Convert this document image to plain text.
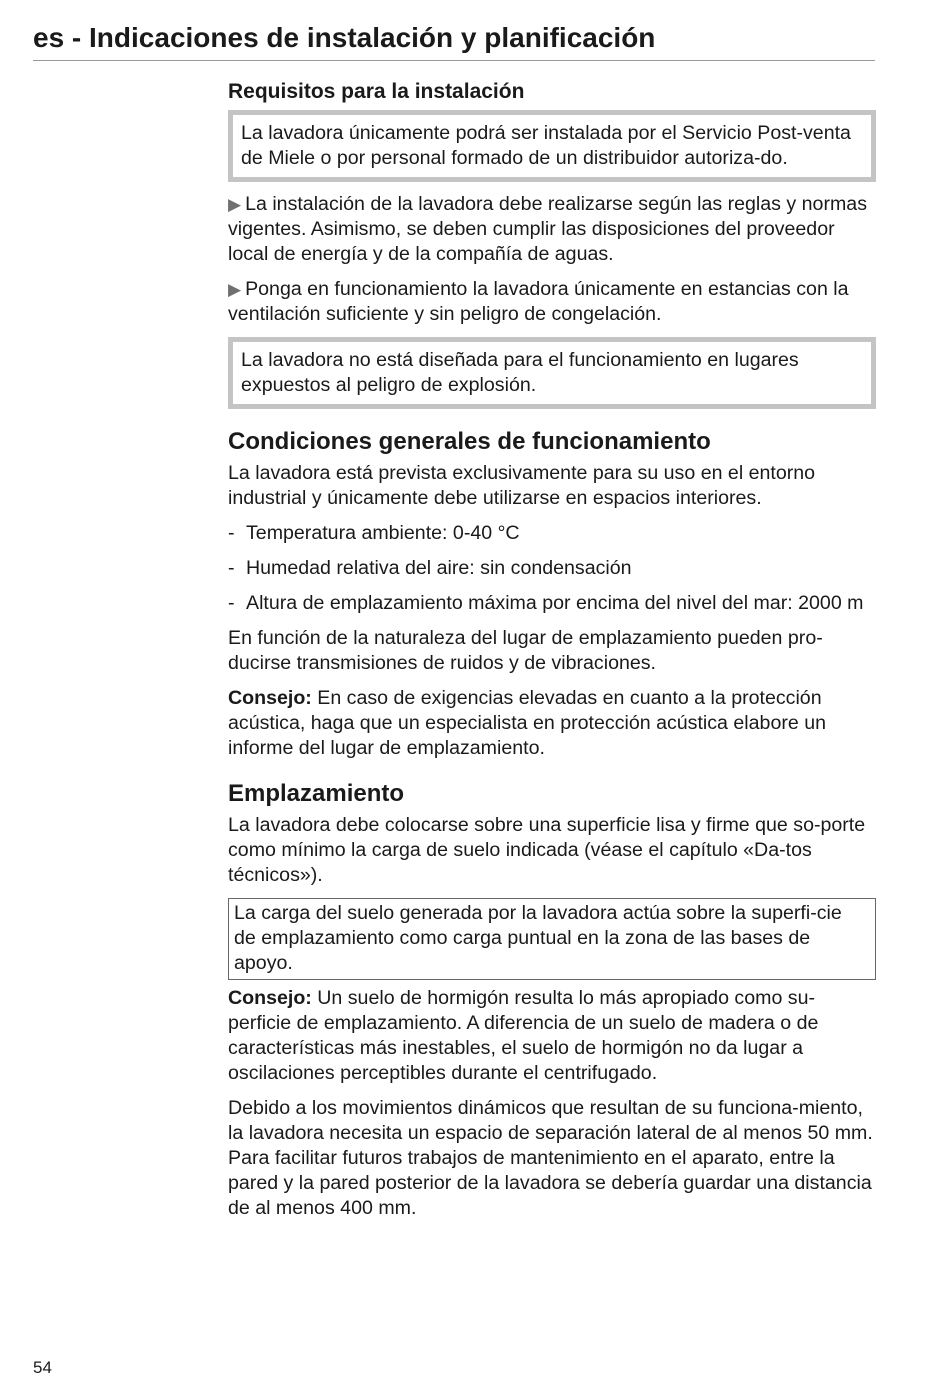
es - Indicaciones de instalación y planificación
Requisitos para la instalación
La lavadora únicamente podrá ser instalada por el Servicio Post-venta de Miele o por personal formado de un distribuidor autoriza-do.

▶ La instalación de la lavadora debe realizarse según las reglas y normas vigentes. Asimismo, se deben cumplir las disposiciones del proveedor local de energía y de la compañía de aguas.

▶ Ponga en funcionamiento la lavadora únicamente en estancias con la ventilación suficiente y sin peligro de congelación.

La lavadora no está diseñada para el funcionamiento en lugares expuestos al peligro de explosión.
Condiciones generales de funcionamiento

La lavadora está prevista exclusivamente para su uso en el entorno industrial y únicamente debe utilizarse en espacios interiores.

- Temperatura ambiente: 0-40 °C
- Humedad relativa del aire: sin condensación
- Altura de emplazamiento máxima por encima del nivel del mar: 2000 m

En función de la naturaleza del lugar de emplazamiento pueden pro-ducirse transmisiones de ruidos y de vibraciones.

Consejo: En caso de exigencias elevadas en cuanto a la protección acústica, haga que un especialista en protección acústica elabore un informe del lugar de emplazamiento.

Emplazamiento

La lavadora debe colocarse sobre una superficie lisa y firme que so-porte como mínimo la carga de suelo indicada (véase el capítulo «Da-tos técnicos»).

La carga del suelo generada por la lavadora actúa sobre la superfi-cie de emplazamiento como carga puntual en la zona de las bases de apoyo.

Consejo: Un suelo de hormigón resulta lo más apropiado como su-perficie de emplazamiento. A diferencia de un suelo de madera o de características más inestables, el suelo de hormigón no da lugar a oscilaciones perceptibles durante el centrifugado.

Debido a los movimientos dinámicos que resultan de su funciona-miento, la lavadora necesita un espacio de separación lateral de al menos 50 mm. Para facilitar futuros trabajos de mantenimiento en el aparato, entre la pared y la pared posterior de la lavadora se debería guardar una distancia de al menos 400 mm.

54
